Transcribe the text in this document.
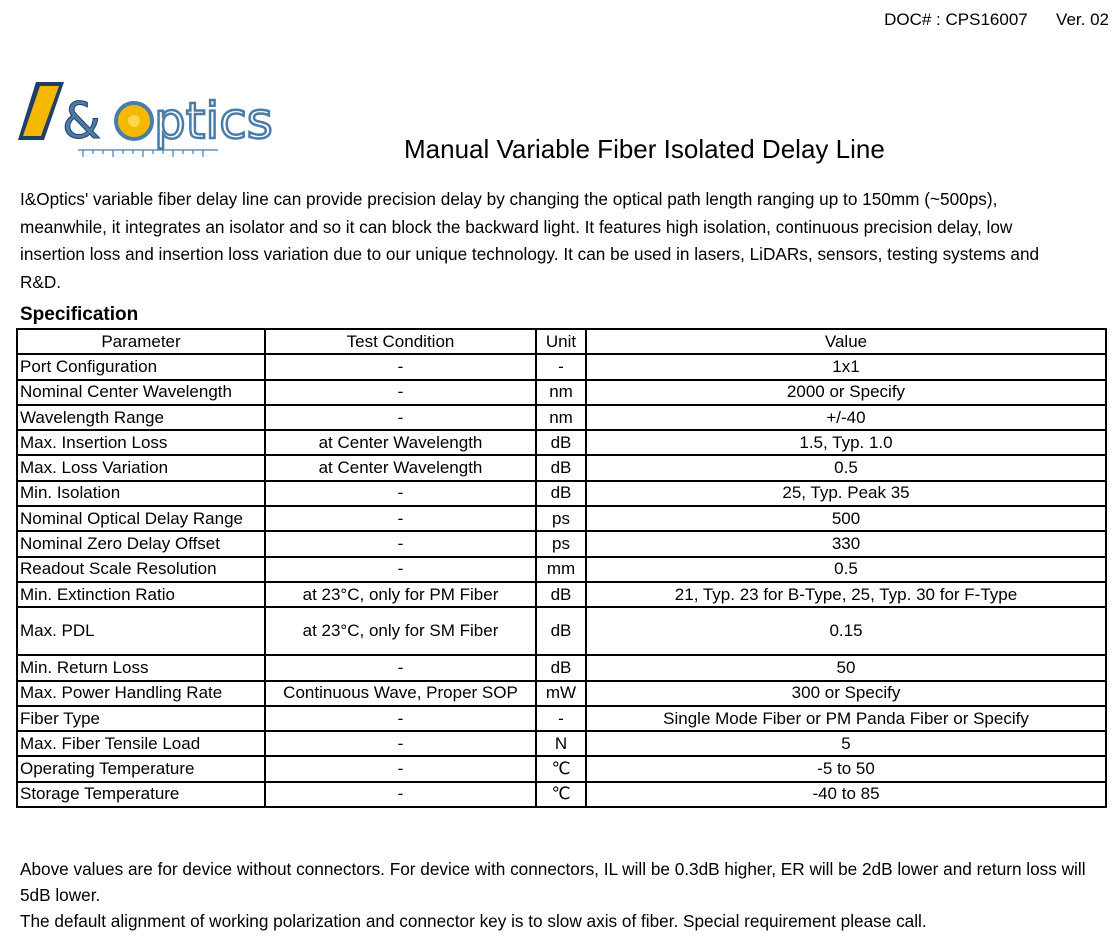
DOC# : CPS16007      Ver. 02
& ptics	Manual Variable Fiber Isolated Delay Line

I&Optics' variable fiber delay line can provide precision delay by changing the optical path length ranging up to 150mm (~500ps), meanwhile, it integrates an isolator and so it can block the backward light. It features high isolation, continuous precision delay, low insertion loss and insertion loss variation due to our unique technology. It can be used in lasers, LiDARs, sensors, testing systems and R&D.

Specification
Parameter	Test Condition	Unit	Value
Port Configuration	-	-	1x1
Nominal Center Wavelength	-	nm	2000 or Specify
Wavelength Range	-	nm	+/-40
Max. Insertion Loss	at Center Wavelength	dB	1.5, Typ. 1.0
Max. Loss Variation	at Center Wavelength	dB	0.5
Min. Isolation	-	dB	25, Typ. Peak 35
Nominal Optical Delay Range	-	ps	500
Nominal Zero Delay Offset	-	ps	330
Readout Scale Resolution	-	mm	0.5
Min. Extinction Ratio	at 23°C, only for PM Fiber	dB	21, Typ. 23 for B-Type, 25, Typ. 30 for F-Type
Max. PDL	at 23°C, only for SM Fiber	dB	0.15
Min. Return Loss	-	dB	50
Max. Power Handling Rate	Continuous Wave, Proper SOP	mW	300 or Specify
Fiber Type	-	-	Single Mode Fiber or PM Panda Fiber or Specify
Max. Fiber Tensile Load	-	N	5
Operating Temperature	-	℃	-5 to 50
Storage Temperature	-	℃	-40 to 85

Above values are for device without connectors. For device with connectors, IL will be 0.3dB higher, ER will be 2dB lower and return loss will 5dB lower.

The default alignment of working polarization and connector key is to slow axis of fiber. Special requirement please call.
